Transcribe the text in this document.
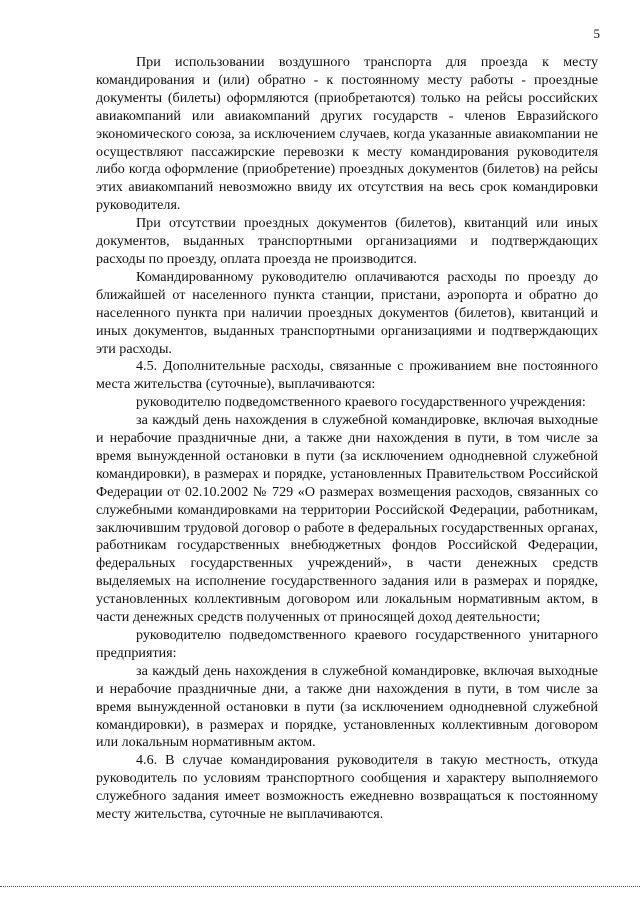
5

При использовании воздушного транспорта для проезда к месту командирования и (или) обратно - к постоянному месту работы - проездные документы (билеты) оформляются (приобретаются) только на рейсы российских авиакомпаний или авиакомпаний других государств - членов Евразийского экономического союза, за исключением случаев, когда указанные авиакомпании не осуществляют пассажирские перевозки к месту командирования руководителя либо когда оформление (приобретение) проездных документов (билетов) на рейсы этих авиакомпаний невозможно ввиду их отсутствия на весь срок командировки руководителя.

При отсутствии проездных документов (билетов), квитанций или иных документов, выданных транспортными организациями и подтверждающих расходы по проезду, оплата проезда не производится.

Командированному руководителю оплачиваются расходы по проезду до ближайшей от населенного пункта станции, пристани, аэропорта и обратно до населенного пункта при наличии проездных документов (билетов), квитанций и иных документов, выданных транспортными организациями и подтверждающих эти расходы.

4.5. Дополнительные расходы, связанные с проживанием вне постоянного места жительства (суточные), выплачиваются:

руководителю подведомственного краевого государственного учреждения:

за каждый день нахождения в служебной командировке, включая выходные и нерабочие праздничные дни, а также дни нахождения в пути, в том числе за время вынужденной остановки в пути (за исключением однодневной служебной командировки), в размерах и порядке, установленных Правительством Российской Федерации от 02.10.2002 № 729 «О размерах возмещения расходов, связанных со служебными командировками на территории Российской Федерации, работникам, заключившим трудовой договор о работе в федеральных государственных органах, работникам государственных внебюджетных фондов Российской Федерации, федеральных государственных учреждений», в части денежных средств выделяемых на исполнение государственного задания или в размерах и порядке, установленных коллективным договором или локальным нормативным актом, в части денежных средств полученных от приносящей доход деятельности;

руководителю подведомственного краевого государственного унитарного предприятия:

за каждый день нахождения в служебной командировке, включая выходные и нерабочие праздничные дни, а также дни нахождения в пути, в том числе за время вынужденной остановки в пути (за исключением однодневной служебной командировки), в размерах и порядке, установленных коллективным договором или локальным нормативным актом.

4.6. В случае командирования руководителя в такую местность, откуда руководитель по условиям транспортного сообщения и характеру выполняемого служебного задания имеет возможность ежедневно возвращаться к постоянному месту жительства, суточные не выплачиваются.
